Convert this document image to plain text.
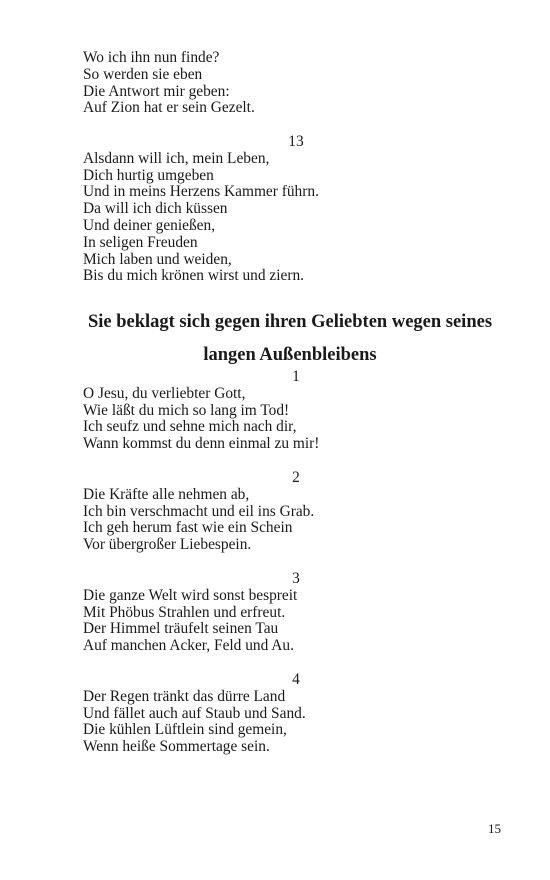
Wo ich ihn nun finde?
So werden sie eben
Die Antwort mir geben:
Auf Zion hat er sein Gezelt.
13
Alsdann will ich, mein Leben,
Dich hurtig umgeben
Und in meins Herzens Kammer führn.
Da will ich dich küssen
Und deiner genießen,
In seligen Freuden
Mich laben und weiden,
Bis du mich krönen wirst und ziern.
Sie beklagt sich gegen ihren Geliebten wegen seines
langen Außenbleibens
1
O Jesu, du verliebter Gott,
Wie läßt du mich so lang im Tod!
Ich seufz und sehne mich nach dir,
Wann kommst du denn einmal zu mir!
2
Die Kräfte alle nehmen ab,
Ich bin verschmacht und eil ins Grab.
Ich geh herum fast wie ein Schein
Vor übergroßer Liebespein.
3
Die ganze Welt wird sonst bespreit
Mit Phöbus Strahlen und erfreut.
Der Himmel träufelt seinen Tau
Auf manchen Acker, Feld und Au.
4
Der Regen tränkt das dürre Land
Und fället auch auf Staub und Sand.
Die kühlen Lüftlein sind gemein,
Wenn heiße Sommertage sein.
15
